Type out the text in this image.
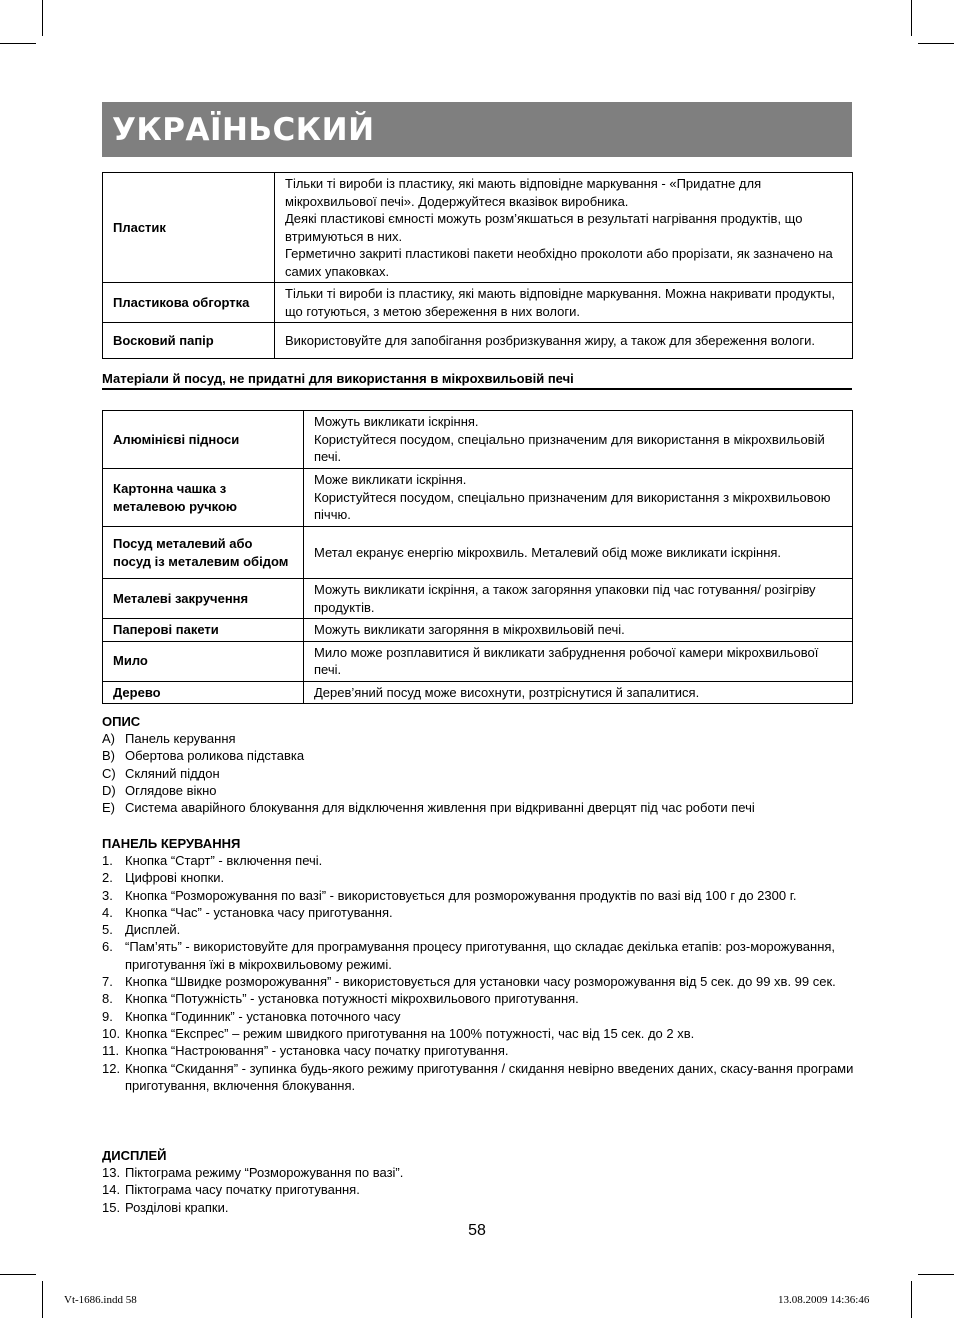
УКРАЇНЬСКИЙ
Пластик	Тільки ті вироби із пластику, які мають відповідне маркування - «Придатне для мікрохвильової печі». Додержуйтеся вказівок виробника.
Деякі пластикові ємності можуть розм’якшаться в результаті нагрівання продуктів, що втримуються в них.
Герметично закриті пластикові пакети необхідно проколоти або прорізати, як зазначено на самих упаковках.
Пластикова обгортка	Тільки ті вироби із пластику, які мають відповідне маркування. Можна накривати продукты, що готуються, з метою збереження в них вологи.
Восковий папір	Використовуйте для запобігання розбризкування жиру, а також для збереження вологи.
Матеріали й посуд, не придатні для використання в мікрохвильовій печі
Алюмінієві підноси	Можуть викликати іскріння.
Користуйтеся посудом, спеціально призначеним для використання в мікрохвильовій печі.
Картонна чашка з металевою ручкою	Може викликати іскріння.
Користуйтеся посудом, спеціально призначеним для використання з мікрохвильовою піччю.
Посуд металевий або посуд із металевим обідом	Метал екранує енергію мікрохвиль. Металевий обід може викликати іскріння.
Металеві закручення	Можуть викликати іскріння, а також загоряння упаковки під час готування/ розігріву продуктів.
Паперові пакети	Можуть викликати загоряння в мікрохвильовій печі.
Мило	Мило може розплавитися й викликати забруднення робочої камери мікрохвильової печі.
Дерево	Дерев’яний посуд може висохнути, розтріснутися й запалитися.
ОПИС
A) Панель керування
B) Обертова роликова підставка
C) Скляний піддон
D) Оглядове вікно
E) Система аварійного блокування для відключення живлення при відкриванні дверцят під час роботи печі
ПАНЕЛЬ КЕРУВАННЯ
1. Кнопка “Старт” - включення печі.
2. Цифрові кнопки.
3. Кнопка “Розморожування по вазі” - використовується для розморожування продуктів по вазі від 100 г до 2300 г.
4. Кнопка “Час” - установка часу приготування.
5. Дисплей.
6. “Пам’ять” - використовуйте для програмування процесу приготування, що складає декілька етапів: роз-морожування, приготування їжі в мікрохвильовому режимі.
7. Кнопка “Швидке розморожування” - використовується для установки часу розморожування від 5 сек. до 99 хв. 99 сек.
8. Кнопка “Потужність” - установка потужності мікрохвильового приготування.
9. Кнопка “Годинник” - установка поточного часу
10. Кнопка “Експрес” – режим швидкого приготування на 100% потужності, час від 15 сек. до 2 хв.
11. Кнопка “Настроювання” - установка часу початку приготування.
12. Кнопка “Скидання” - зупинка будь-якого режиму приготування / скидання невірно введених даних, скасу-вання програми приготування, включення блокування.
ДИСПЛЕЙ
13. Піктограма режиму “Розморожування по вазі”.
14. Піктограма часу початку приготування.
15. Розділові крапки.
58
Vt-1686.indd 58	13.08.2009 14:36:46
